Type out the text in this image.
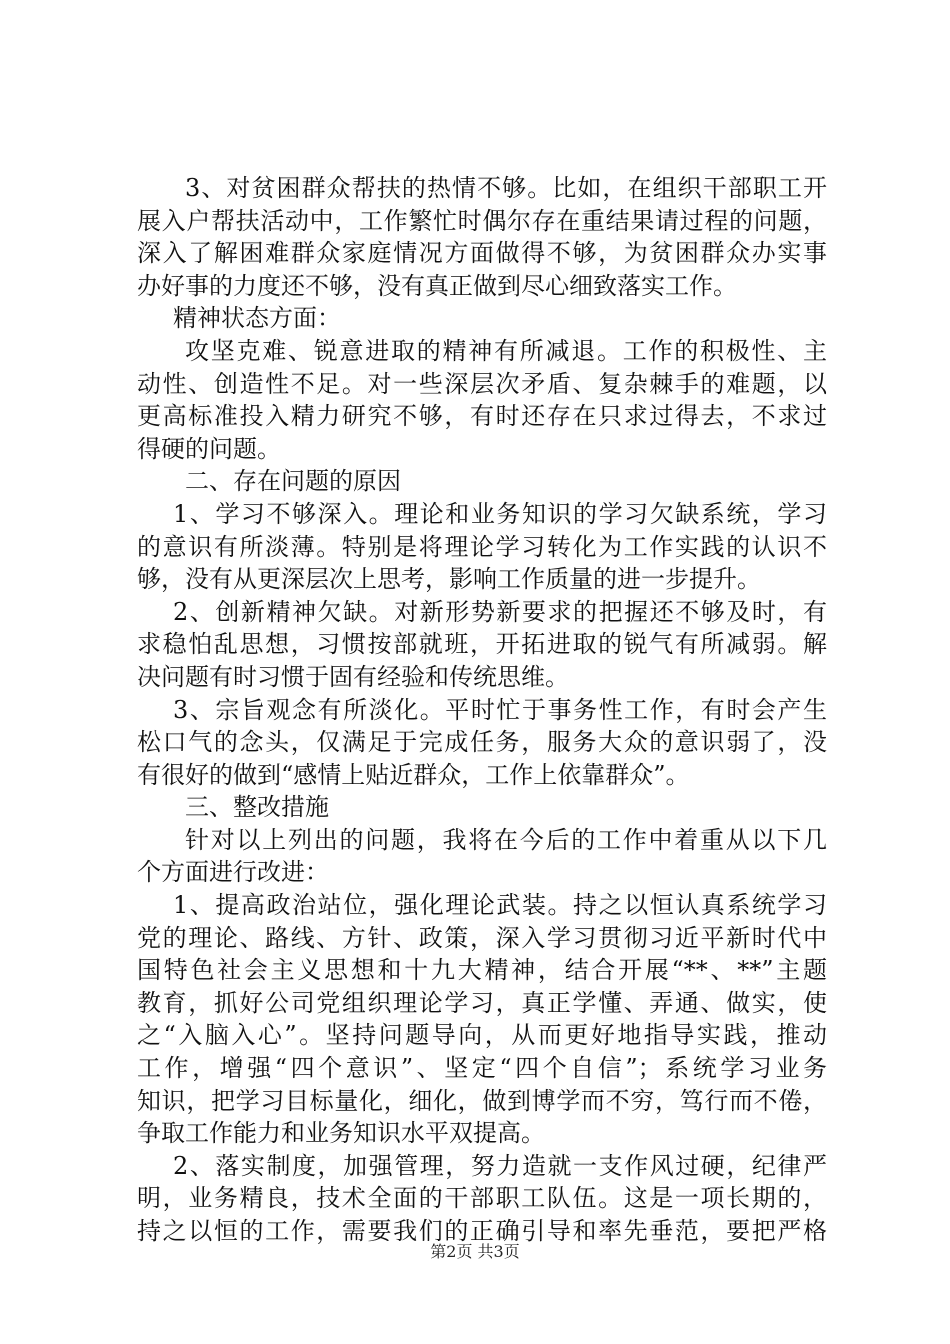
3、对贫困群众帮扶的热情不够。比如，在组织干部职工开
展入户帮扶活动中，工作繁忙时偶尔存在重结果请过程的问题，
深入了解困难群众家庭情况方面做得不够，为贫困群众办实事
办好事的力度还不够，没有真正做到尽心细致落实工作。
精神状态方面：
攻坚克难、锐意进取的精神有所减退。工作的积极性、主
动性、创造性不足。对一些深层次矛盾、复杂棘手的难题，以
更高标准投入精力研究不够，有时还存在只求过得去，不求过
得硬的问题。
二、存在问题的原因
1、学习不够深入。理论和业务知识的学习欠缺系统，学习
的意识有所淡薄。特别是将理论学习转化为工作实践的认识不
够，没有从更深层次上思考，影响工作质量的进一步提升。
2、创新精神欠缺。对新形势新要求的把握还不够及时，有
求稳怕乱思想，习惯按部就班，开拓进取的锐气有所减弱。解
决问题有时习惯于固有经验和传统思维。
3、宗旨观念有所淡化。平时忙于事务性工作，有时会产生
松口气的念头，仅满足于完成任务，服务大众的意识弱了，没
有很好的做到“感情上贴近群众，工作上依靠群众”。
三、整改措施
针对以上列出的问题，我将在今后的工作中着重从以下几
个方面进行改进：
1、提高政治站位，强化理论武装。持之以恒认真系统学习
党的理论、路线、方针、政策，深入学习贯彻习近平新时代中
国特色社会主义思想和十九大精神，结合开展“**、**”主题
教育，抓好公司党组织理论学习，真正学懂、弄通、做实，使
之“入脑入心”。坚持问题导向，从而更好地指导实践，推动
工作，增强“四个意识”、坚定“四个自信”；系统学习业务
知识，把学习目标量化，细化，做到博学而不穷，笃行而不倦，
争取工作能力和业务知识水平双提高。
2、落实制度，加强管理，努力造就一支作风过硬，纪律严
明，业务精良，技术全面的干部职工队伍。这是一项长期的，
持之以恒的工作，需要我们的正确引导和率先垂范，要把严格
第2页 共3页
